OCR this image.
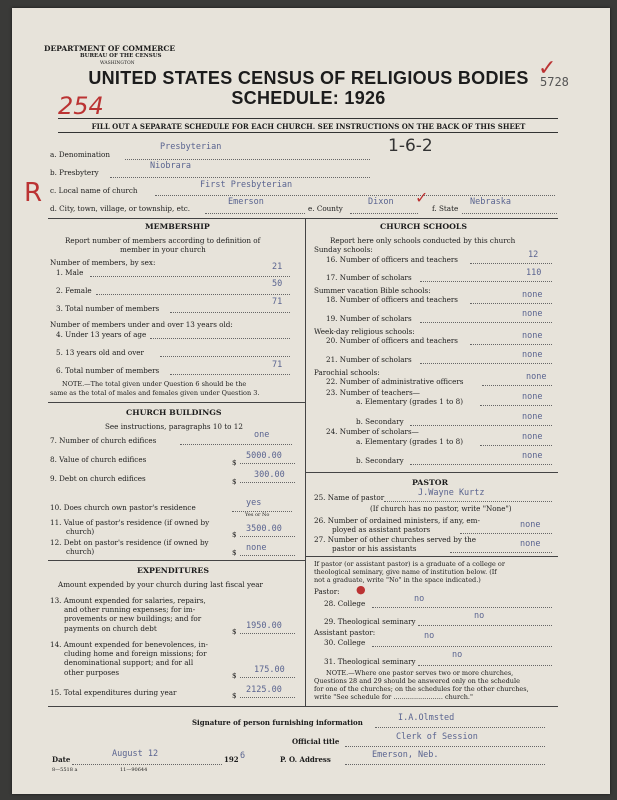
DEPARTMENT OF COMMERCE
BUREAU OF THE CENSUS
WASHINGTON
UNITED STATES CENSUS OF RELIGIOUS BODIES
SCHEDULE: 1926
5728
254
✓
1-6-2
FILL OUT A SEPARATE SCHEDULE FOR EACH CHURCH. SEE INSTRUCTIONS ON THE BACK OF THIS SHEET
R
a. Denomination
Presbyterian
b. Presbytery
Niobrara
c. Local name of church
First Presbyterian
d. City, town, village, or township, etc.
Emerson
e. County
Dixon ✓
f. State
Nebraska
MEMBERSHIP
Report number of members according to definition of
member in your church
Number of members, by sex:
1. Male
21
2. Female
50
3. Total number of members
71
Number of members under and over 13 years old:
4. Under 13 years of age
5. 13 years old and over
6. Total number of members
71
NOTE.—The total given under Question 6 should be the
same as the total of males and females given under Question 3.
CHURCH BUILDINGS
See instructions, paragraphs 10 to 12
7. Number of church edifices
one
8. Value of church edifices	$
5000.00
9. Debt on church edifices	$
300.00
10. Does church own pastor's residence	yes
Yes or No
11. Value of pastor's residence (if owned by
church)	$
3500.00
12. Debt on pastor's residence (if owned by
church)	$ none
EXPENDITURES
Amount expended by your church during last fiscal year
13. Amount expended for salaries, repairs,
and other running expenses; for im-
provements or new buildings; and for
payments on church debt	$
1950.00
14. Amount expended for benevolences, in-
cluding home and foreign missions; for
denominational support; and for all
other purposes	$
175.00
15. Total expenditures during year	$
2125.00
CHURCH SCHOOLS
Report here only schools conducted by this church
Sunday schools:
16. Number of officers and teachers	12
17. Number of scholars	110
Summer vacation Bible schools:
18. Number of officers and teachers	none
19. Number of scholars	none
Week-day religious schools:
20. Number of officers and teachers	none
21. Number of scholars	none
Parochial schools:
22. Number of administrative officers	none
23. Number of teachers—
a. Elementary (grades 1 to 8)	none
b. Secondary	none
24. Number of scholars—
a. Elementary (grades 1 to 8)	none
b. Secondary	none
PASTOR
25. Name of pastor	J.Wayne Kurtz
(If church has no pastor, write "None")
26. Number of ordained ministers, if any, em-
ployed as assistant pastors	none
27. Number of other churches served by the
pastor or his assistants	none
If pastor (or assistant pastor) is a graduate of a college or
theological seminary, give name of institution below. (If
not a graduate, write "No" in the space indicated.)
Pastor: ●
28. College	no
29. Theological seminary
no
Assistant pastor:
30. College
no
31. Theological seminary
no
NOTE.—Where one pastor serves two or more churches,
Questions 28 and 29 should be answered only on the schedule
for one of the churches; on the schedules for the other churches,
write "See schedule for ........................ church."
Signature of person furnishing information	I.A.Olmsted
Official title	Clerk of Session
Date
August 12
192 6	P. O. Address	Emerson, Neb.
8—5518 a	11—90644
